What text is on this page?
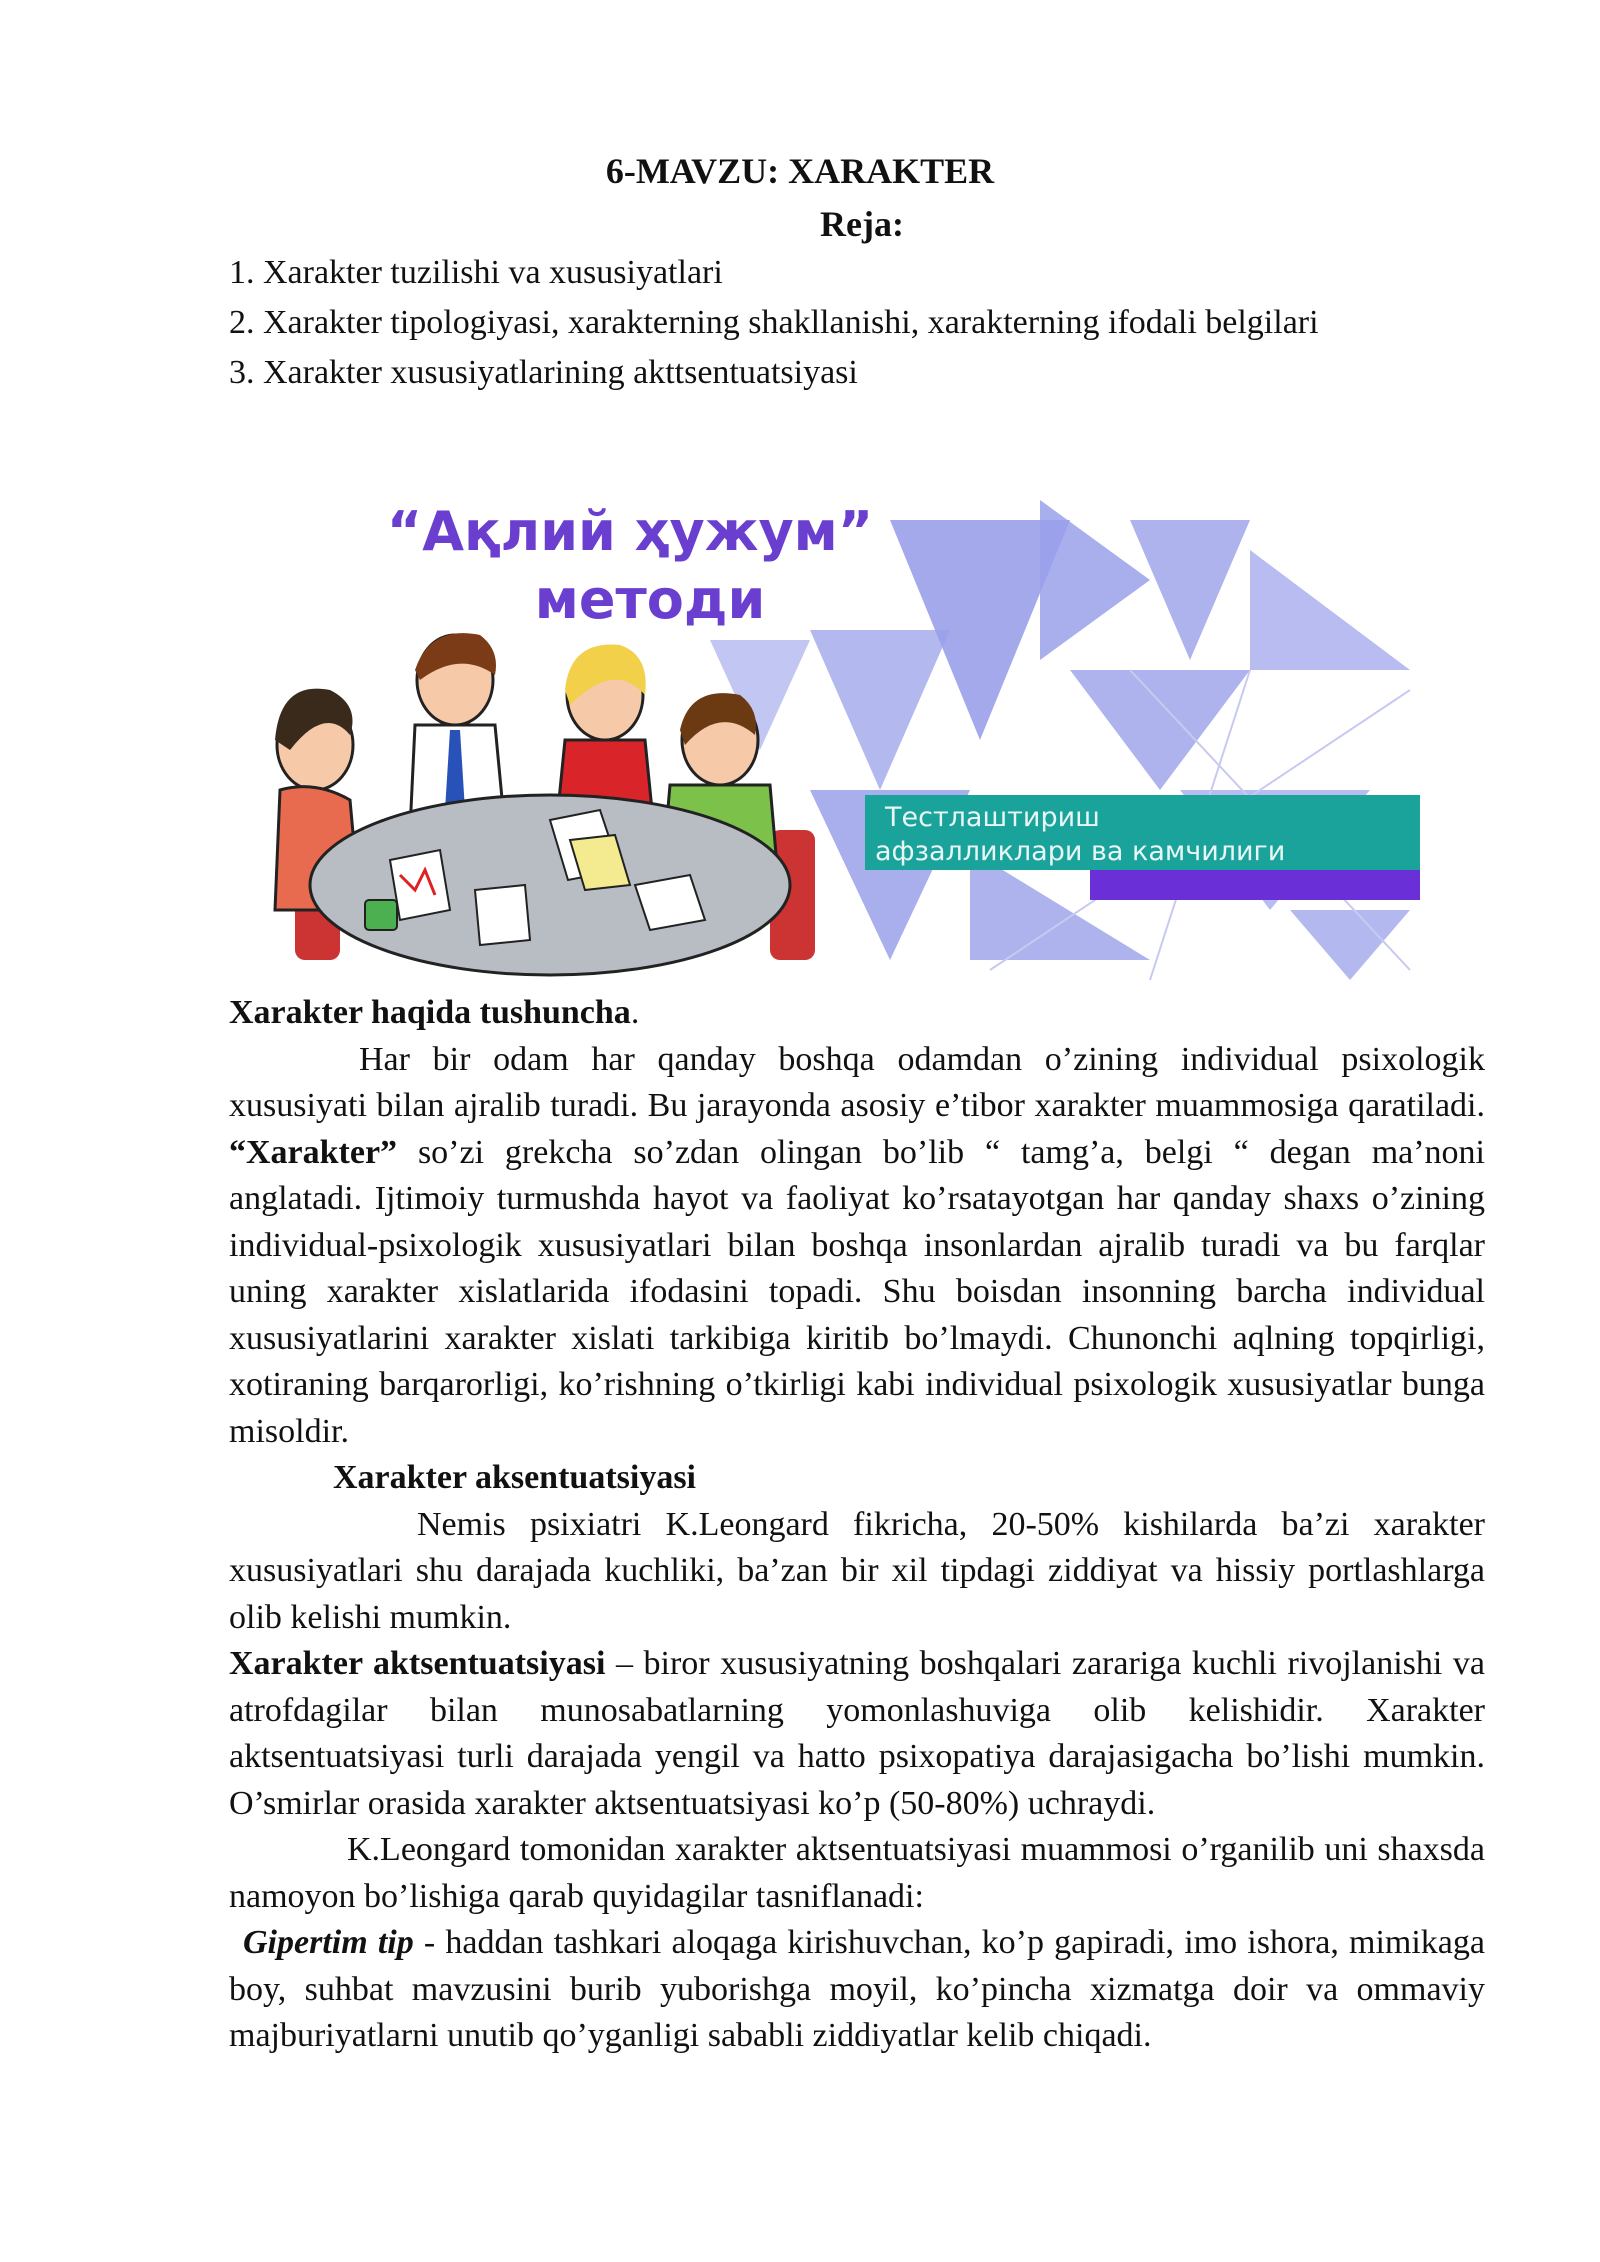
6-MAVZU: XARAKTER
Reja:
1. Xarakter tuzilishi va xususiyatlari
2. Xarakter tipologiyasi, xarakterning shakllanishi, xarakterning ifodali belgilari
3. Xarakter xususiyatlarining akttsentuatsiyasi
“Ақлий ҳужум”
методи
Тестлаштириш
афзалликлари ва камчилиги

Xarakter haqida tushuncha.

Har bir odam har qanday boshqa odamdan o’zining individual psixologik xususiyati bilan ajralib turadi. Bu jarayonda asosiy e’tibor xarakter muammosiga qaratiladi. “Xarakter” so’zi grekcha so’zdan olingan bo’lib “ tamg’a, belgi “ degan ma’noni anglatadi. Ijtimoiy turmushda hayot va faoliyat ko’rsatayotgan har qanday shaxs o’zining individual-psixologik xususiyatlari bilan boshqa insonlardan ajralib turadi va bu farqlar uning xarakter xislatlarida ifodasini topadi. Shu boisdan insonning barcha individual xususiyatlarini xarakter xislati tarkibiga kiritib bo’lmaydi. Chunonchi aqlning topqirligi, xotiraning barqarorligi, ko’rishning o’tkirligi kabi individual psixologik xususiyatlar bunga misoldir.

Xarakter aksentuatsiyasi

Nemis psixiatri K.Leongard fikricha, 20-50% kishilarda ba’zi xarakter xususiyatlari shu darajada kuchliki, ba’zan bir xil tipdagi ziddiyat va hissiy portlashlarga olib kelishi mumkin.

Xarakter aktsentuatsiyasi – biror xususiyatning boshqalari zarariga kuchli rivojlanishi va atrofdagilar bilan munosabatlarning yomonlashuviga olib kelishidir. Xarakter aktsentuatsiyasi turli darajada yengil va hatto psixopatiya darajasigacha bo’lishi mumkin. O’smirlar orasida xarakter aktsentuatsiyasi ko’p (50-80%) uchraydi.

K.Leongard tomonidan xarakter aktsentuatsiyasi muammosi o’rganilib uni shaxsda namoyon bo’lishiga qarab quyidagilar tasniflanadi:

Gipertim tip - haddan tashkari aloqaga kirishuvchan, ko’p gapiradi, imo ishora, mimikaga boy, suhbat mavzusini burib yuborishga moyil, ko’pincha xizmatga doir va ommaviy majburiyatlarni unutib qo’yganligi sababli ziddiyatlar kelib chiqadi.
